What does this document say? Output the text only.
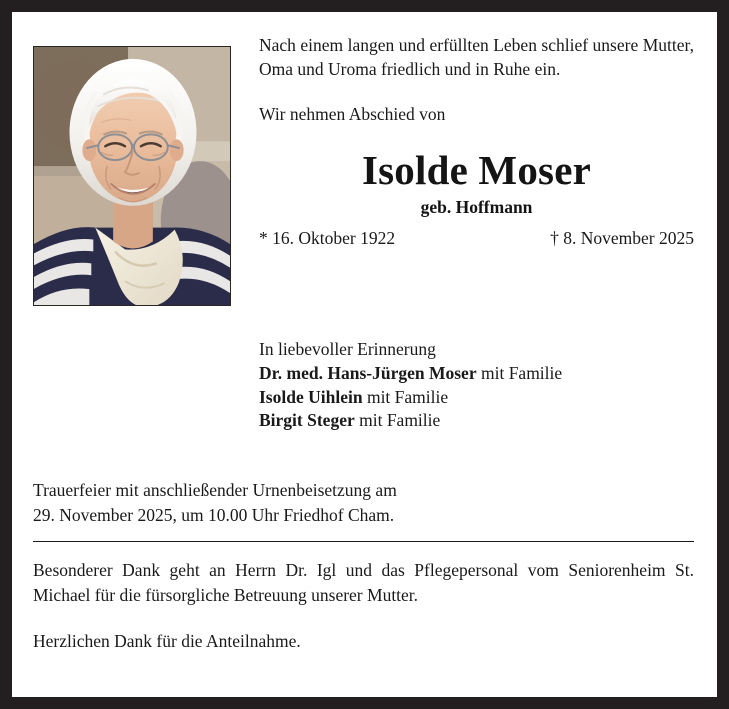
Nach einem langen und erfüllten Leben schlief unsere Mutter, Oma und Uroma friedlich und in Ruhe ein.

Wir nehmen Abschied von

Isolde Moser
geb. Hoffmann
* 16. Oktober 1922	† 8. November 2025

In liebevoller Erinnerung

Dr. med. Hans-Jürgen Moser mit Familie

Isolde Uihlein mit Familie

Birgit Steger mit Familie

Trauerfeier mit anschließender Urnenbeisetzung am

29. November 2025, um 10.00 Uhr Friedhof Cham.

Besonderer Dank geht an Herrn Dr. Igl und das Pflegepersonal vom Seniorenheim St. Michael für die fürsorgliche Betreuung unserer Mutter.

Herzlichen Dank für die Anteilnahme.
